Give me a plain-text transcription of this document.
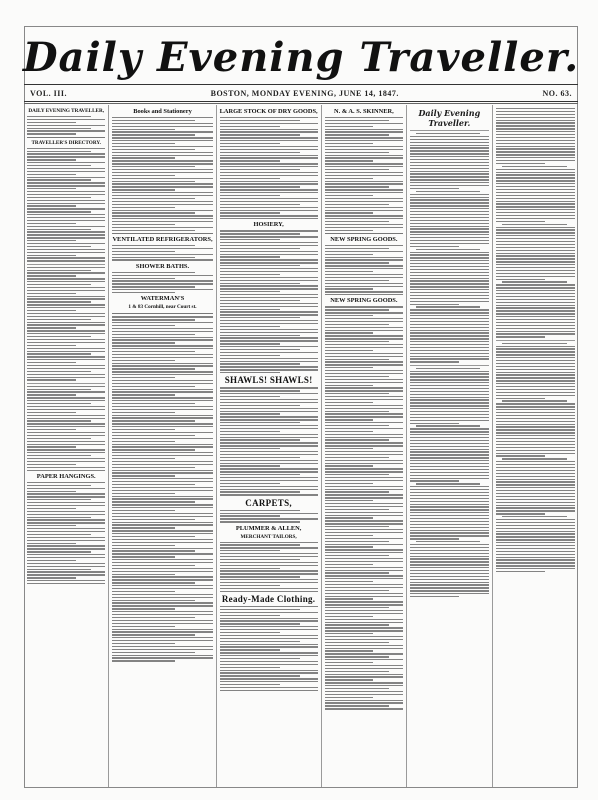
Daily Evening Traveller.
VOL. III.	BOSTON, MONDAY EVENING, JUNE 14, 1847.	NO. 63.
DAILY EVENING TRAVELLER,
TRAVELLER'S DIRECTORY.
PAPER HANGINGS.
Books and Stationery
VENTILATED REFRIGERATORS,
SHOWER BATHS.
WATERMAN'S
1 & 83 Cornhill, near Court st.
LARGE STOCK OF DRY GOODS,
HOSIERY,
SHAWLS! SHAWLS!
CARPETS,
PLUMMER & ALLEN,
MERCHANT TAILORS,
Ready-Made Clothing.
N. & A. S. SKINNER,
NEW SPRING GOODS.
NEW SPRING GOODS.
Daily Evening Traveller.
